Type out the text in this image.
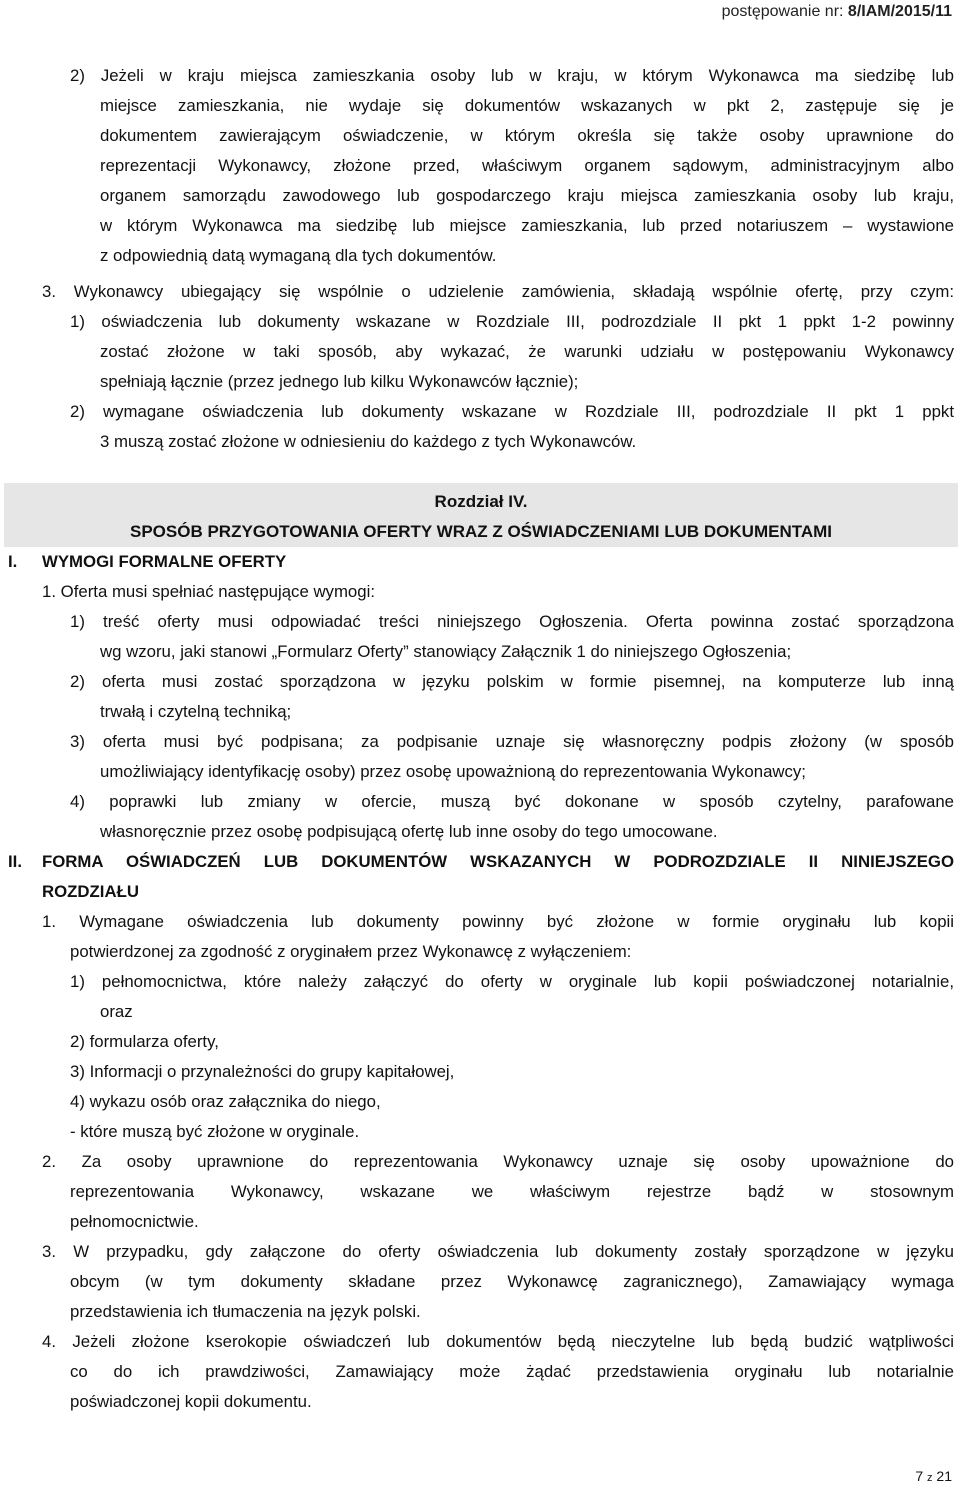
postępowanie nr: 8/IAM/2015/11
2) Jeżeli w kraju miejsca zamieszkania osoby lub w kraju, w którym Wykonawca ma siedzibę lub
miejsce zamieszkania, nie wydaje się dokumentów wskazanych w pkt 2, zastępuje się je
dokumentem zawierającym oświadczenie, w którym określa się także osoby uprawnione do
reprezentacji Wykonawcy, złożone przed, właściwym organem sądowym, administracyjnym albo
organem samorządu zawodowego lub gospodarczego kraju miejsca zamieszkania osoby lub kraju,
w którym Wykonawca ma siedzibę lub miejsce zamieszkania, lub przed notariuszem – wystawione
z odpowiednią datą wymaganą dla tych dokumentów.
3. Wykonawcy ubiegający się wspólnie o udzielenie zamówienia, składają wspólnie ofertę, przy czym:
1) oświadczenia lub dokumenty wskazane w Rozdziale III, podrozdziale II pkt 1 ppkt 1-2 powinny
zostać złożone w taki sposób, aby wykazać, że warunki udziału w postępowaniu Wykonawcy
spełniają łącznie (przez jednego lub kilku Wykonawców łącznie);
2) wymagane oświadczenia lub dokumenty wskazane w Rozdziale III, podrozdziale II pkt 1 ppkt
3 muszą zostać złożone w odniesieniu do każdego z tych Wykonawców.
Rozdział IV.
SPOSÓB PRZYGOTOWANIA OFERTY WRAZ Z OŚWIADCZENIAMI LUB DOKUMENTAMI
I. WYMOGI FORMALNE OFERTY
1. Oferta musi spełniać następujące wymogi:
1) treść oferty musi odpowiadać treści niniejszego Ogłoszenia. Oferta powinna zostać sporządzona
wg wzoru, jaki stanowi „Formularz Oferty” stanowiący Załącznik 1 do niniejszego Ogłoszenia;
2) oferta musi zostać sporządzona w języku polskim w formie pisemnej, na komputerze lub inną
trwałą i czytelną techniką;
3) oferta musi być podpisana; za podpisanie uznaje się własnoręczny podpis złożony (w sposób
umożliwiający identyfikację osoby) przez osobę upoważnioną do reprezentowania Wykonawcy;
4) poprawki lub zmiany w ofercie, muszą być dokonane w sposób czytelny, parafowane
własnoręcznie przez osobę podpisującą ofertę lub inne osoby do tego umocowane.
II. FORMA OŚWIADCZEŃ LUB DOKUMENTÓW WSKAZANYCH W PODROZDZIALE II NINIEJSZEGO
ROZDZIAŁU
1. Wymagane oświadczenia lub dokumenty powinny być złożone w formie oryginału lub kopii
potwierdzonej za zgodność z oryginałem przez Wykonawcę z wyłączeniem:
1) pełnomocnictwa, które należy załączyć do oferty w oryginale lub kopii poświadczonej notarialnie,
oraz
2) formularza oferty,
3) Informacji o przynależności do grupy kapitałowej,
4) wykazu osób oraz załącznika do niego,
- które muszą być złożone w oryginale.
2. Za osoby uprawnione do reprezentowania Wykonawcy uznaje się osoby upoważnione do
reprezentowania Wykonawcy, wskazane we właściwym rejestrze bądź w stosownym
pełnomocnictwie.
3. W przypadku, gdy załączone do oferty oświadczenia lub dokumenty zostały sporządzone w języku
obcym (w tym dokumenty składane przez Wykonawcę zagranicznego), Zamawiający wymaga
przedstawienia ich tłumaczenia na język polski.
4. Jeżeli złożone kserokopie oświadczeń lub dokumentów będą nieczytelne lub będą budzić wątpliwości
co do ich prawdziwości, Zamawiający może żądać przedstawienia oryginału lub notarialnie
poświadczonej kopii dokumentu.
7 z 21
